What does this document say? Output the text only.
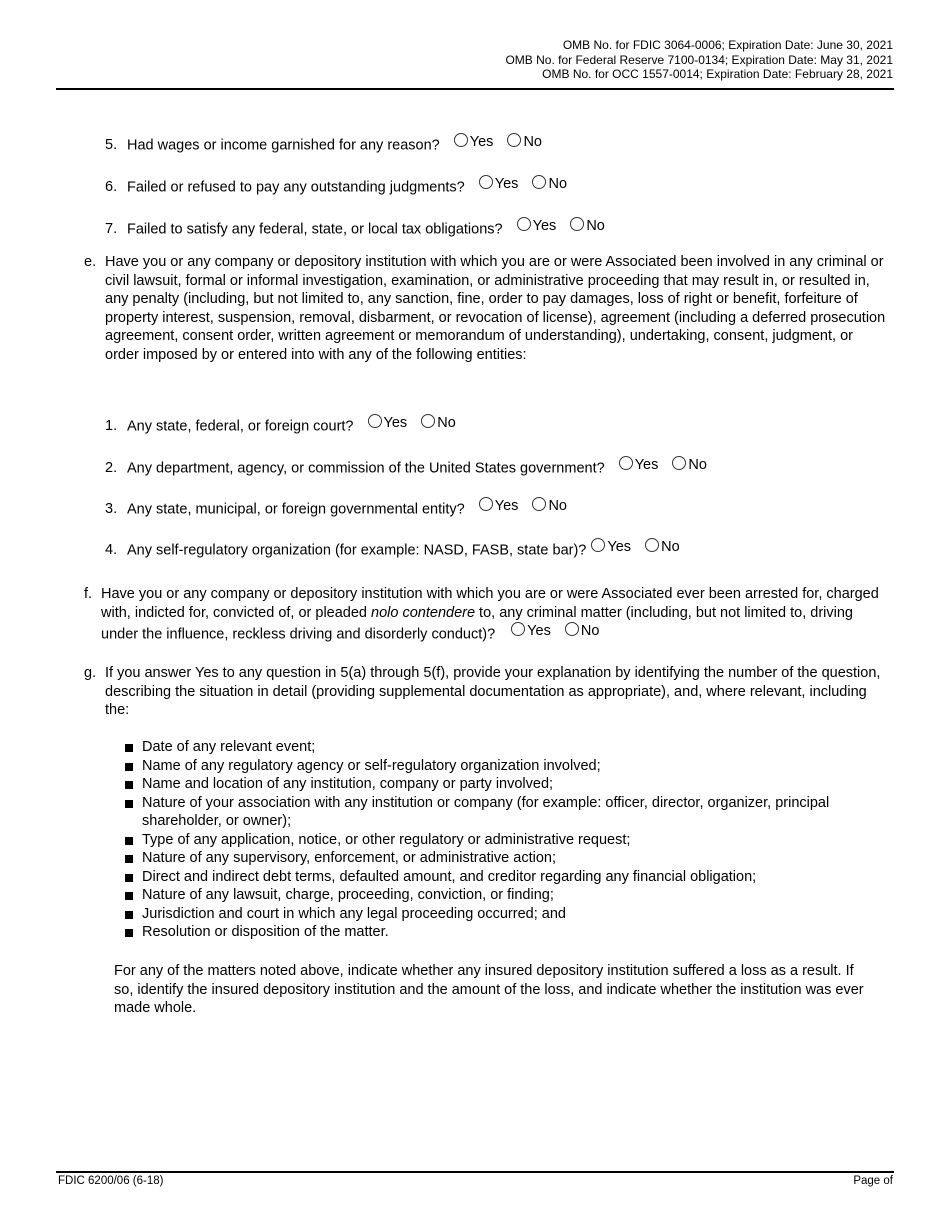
OMB No. for FDIC 3064-0006; Expiration Date: June 30, 2021
OMB No. for Federal Reserve 7100-0134; Expiration Date: May 31, 2021
OMB No. for OCC 1557-0014; Expiration Date: February 28, 2021
5. Had wages or income garnished for any reason? Yes
No
6. Failed or refused to pay any outstanding judgments? Yes
No
7. Failed to satisfy any federal, state, or local tax obligations? Yes
No
e. Have you or any company or depository institution with which you are or were Associated been involved in any criminal or civil lawsuit, formal or informal investigation, examination, or administrative proceeding that may result in, or resulted in, any penalty (including, but not limited to, any sanction, fine, order to pay damages, loss of right or benefit, forfeiture of property interest, suspension, removal, disbarment, or revocation of license), agreement (including a deferred prosecution agreement, consent order, written agreement or memorandum of understanding), undertaking, consent, judgment, or order imposed by or entered into with any of the following entities:
1. Any state, federal, or foreign court? Yes
No
2. Any department, agency, or commission of the United States government? Yes
No
3. Any state, municipal, or foreign governmental entity? Yes
No
4. Any self-regulatory organization (for example: NASD, FASB, state bar)? Yes
No
f. Have you or any company or depository institution with which you are or were Associated ever been arrested for, charged with, indicted for, convicted of, or pleaded nolo contendere to, any criminal matter (including, but not limited to, driving under the influence, reckless driving and disorderly conduct)? Yes
No
g. If you answer Yes to any question in 5(a) through 5(f), provide your explanation by identifying the number of the question, describing the situation in detail (providing supplemental documentation as appropriate), and, where relevant, including the:
Date of any relevant event;
Name of any regulatory agency or self-regulatory organization involved;
Name and location of any institution, company or party involved;
Nature of your association with any institution or company (for example: officer, director, organizer, principal shareholder, or owner);
Type of any application, notice, or other regulatory or administrative request;
Nature of any supervisory, enforcement, or administrative action;
Direct and indirect debt terms, defaulted amount, and creditor regarding any financial obligation;
Nature of any lawsuit, charge, proceeding, conviction, or finding;
Jurisdiction and court in which any legal proceeding occurred; and
Resolution or disposition of the matter.
For any of the matters noted above, indicate whether any insured depository institution suffered a loss as a result. If so, identify the insured depository institution and the amount of the loss, and indicate whether the institution was ever made whole.
FDIC 6200/06 (6-18)	Page of
